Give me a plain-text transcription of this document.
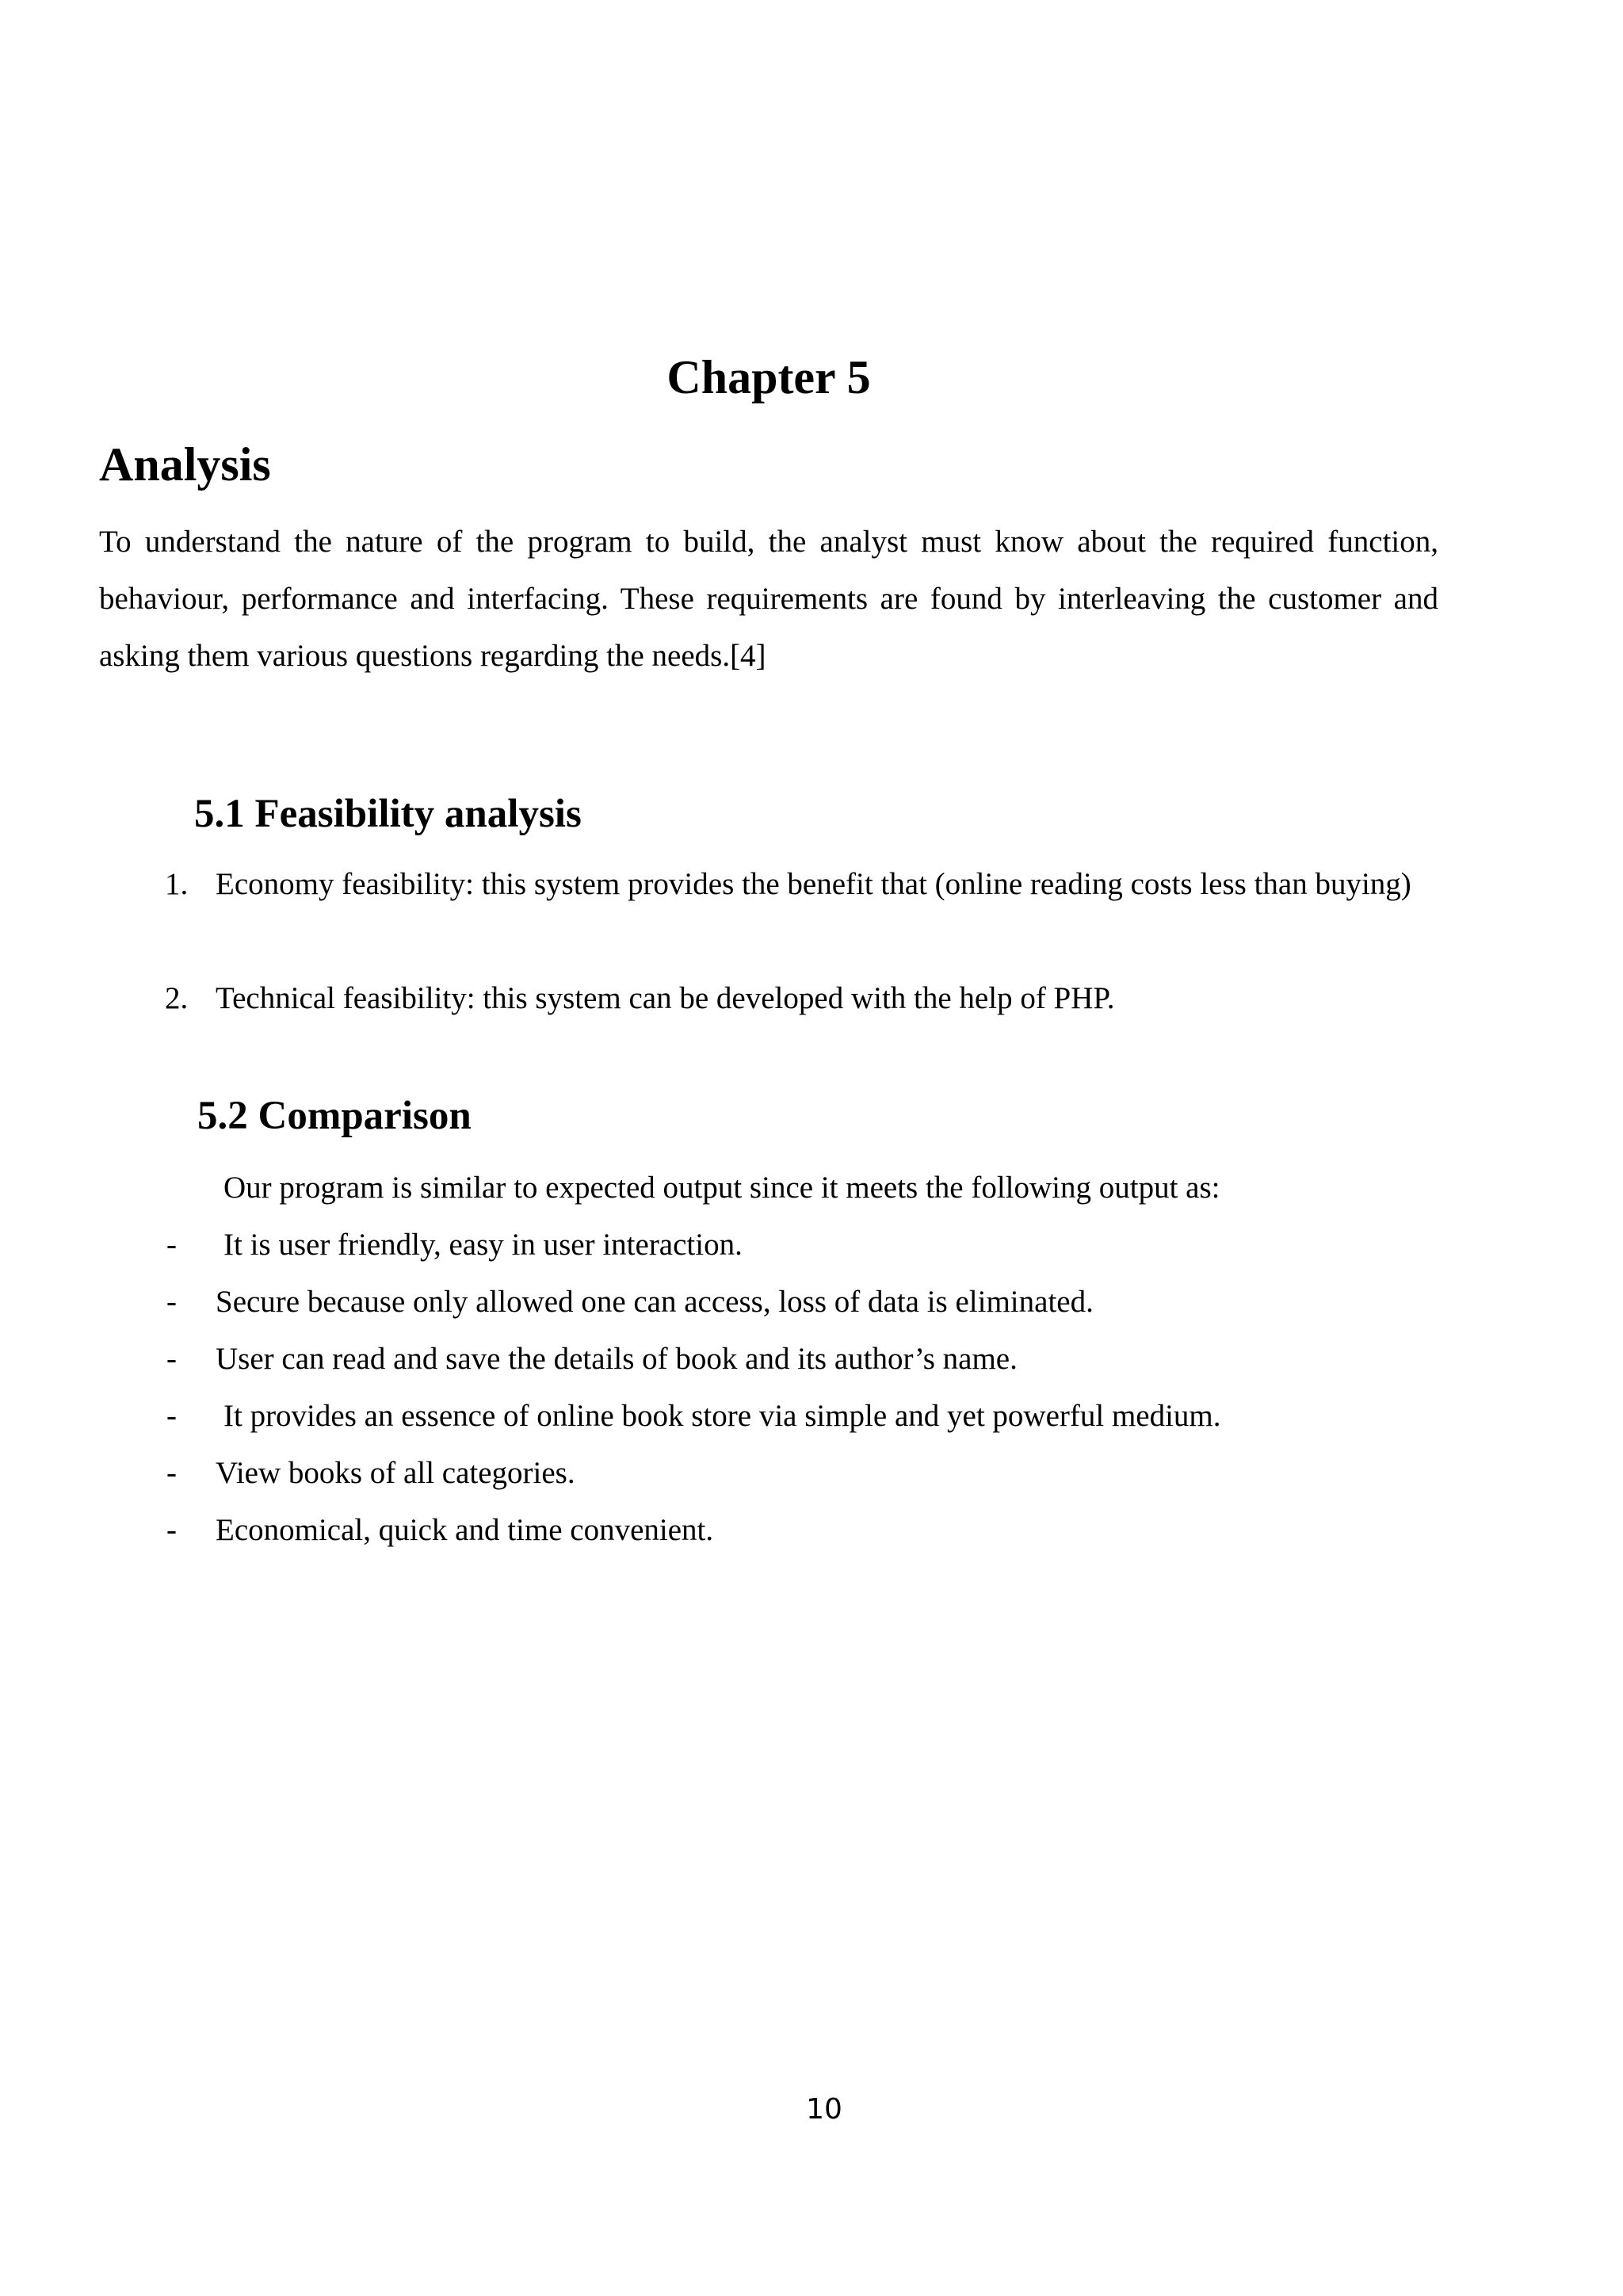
Chapter 5
Analysis

To understand the nature of the program to build, the analyst must know about the required function, behaviour, performance and interfacing. These requirements are found by interleaving the customer and asking them various questions regarding the needs.[4]

5.1 Feasibility analysis
1. Economy feasibility: this system provides the benefit that (online reading costs less than buying)
2. Technical feasibility: this system can be developed with the help of PHP.
5.2 Comparison
Our program is similar to expected output since it meets the following output as:
- It is user friendly, easy in user interaction.
- Secure because only allowed one can access, loss of data is eliminated.
- User can read and save the details of book and its author’s name.
- It provides an essence of online book store via simple and yet powerful medium.
- View books of all categories.
- Economical, quick and time convenient.
10
